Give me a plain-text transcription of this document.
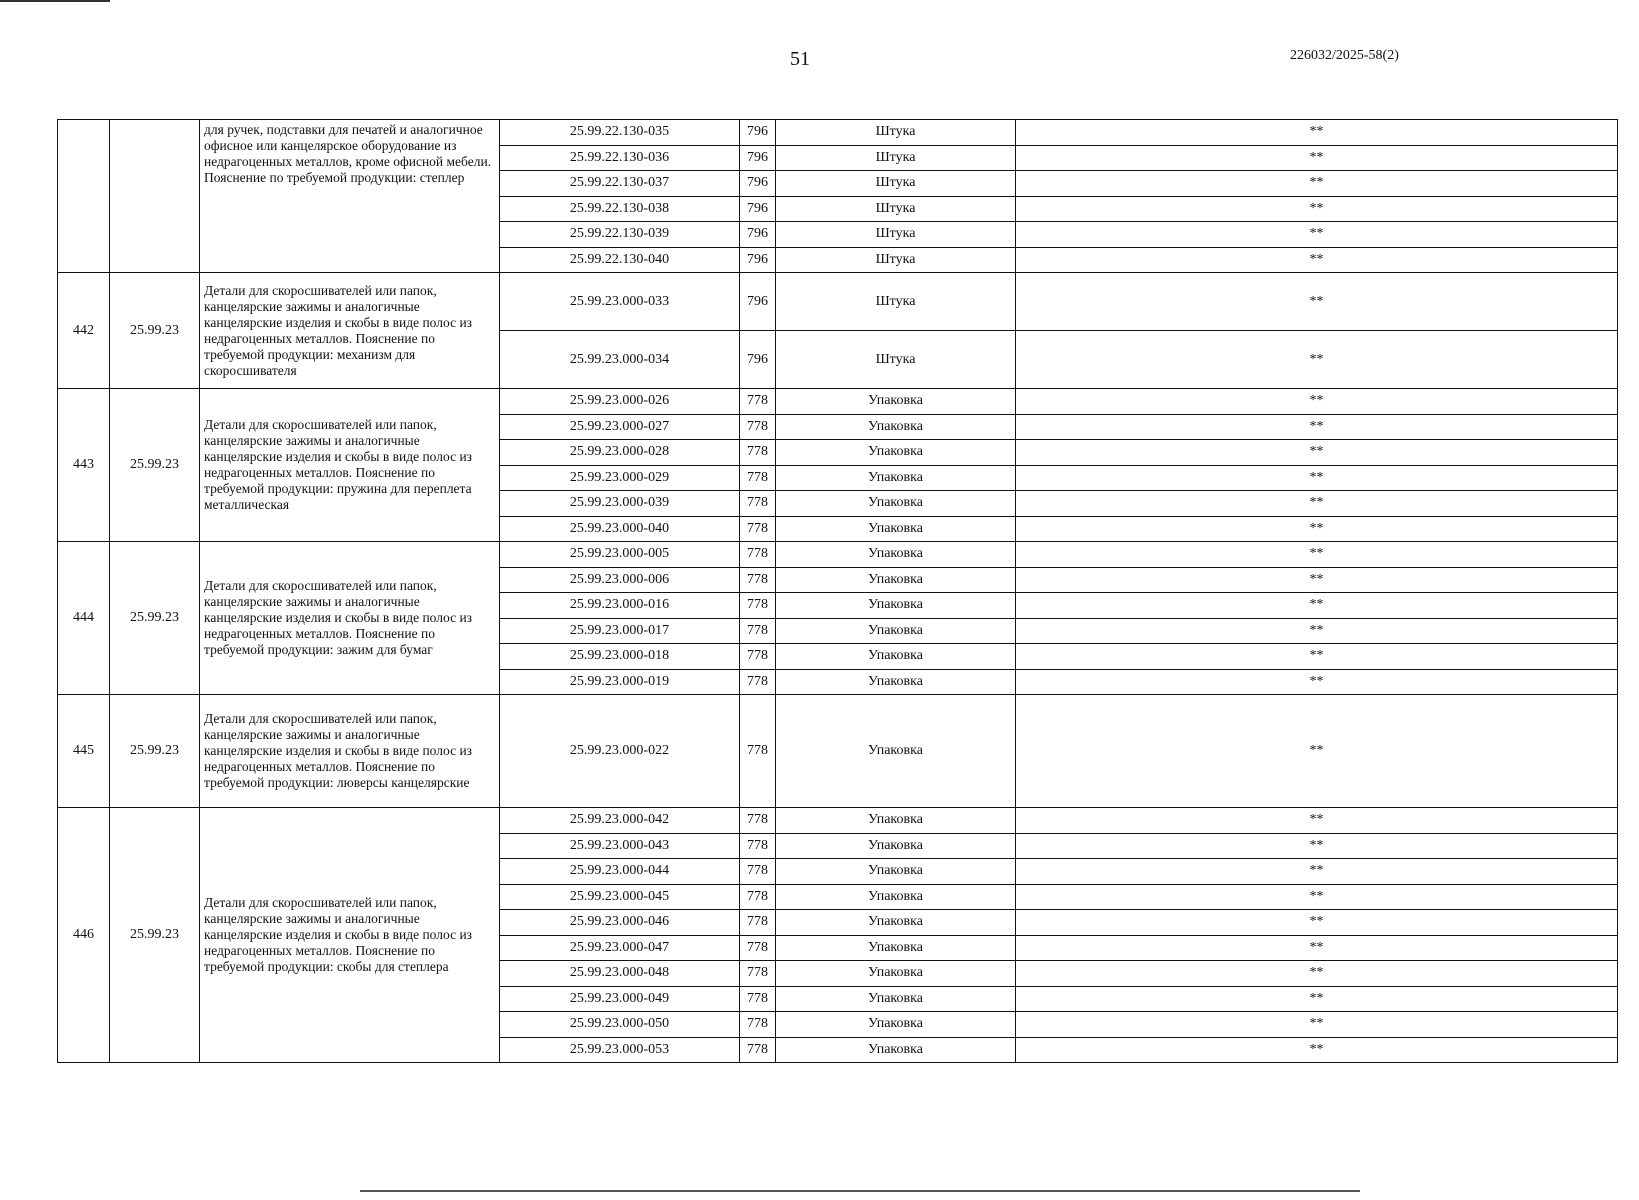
51	226032/2025-58(2)
		для ручек, подставки для печатей и аналогичное офисное или канцелярское оборудование из недрагоценных металлов, кроме офисной мебели. Пояснение по требуемой продукции: степлер	25.99.22.130-035	796	Штука	**
			25.99.22.130-036	796	Штука	**
			25.99.22.130-037	796	Штука	**
			25.99.22.130-038	796	Штука	**
			25.99.22.130-039	796	Штука	**
			25.99.22.130-040	796	Штука	**
442	25.99.23	Детали для скоросшивателей или папок, канцелярские зажимы и аналогичные канцелярские изделия и скобы в виде полос из недрагоценных металлов. Пояснение по требуемой продукции: механизм для скоросшивателя	25.99.23.000-033	796	Штука	**
			25.99.23.000-034	796	Штука	**
443	25.99.23	Детали для скоросшивателей или папок, канцелярские зажимы и аналогичные канцелярские изделия и скобы в виде полос из недрагоценных металлов. Пояснение по требуемой продукции: пружина для переплета металлическая	25.99.23.000-026	778	Упаковка	**
			25.99.23.000-027	778	Упаковка	**
			25.99.23.000-028	778	Упаковка	**
			25.99.23.000-029	778	Упаковка	**
			25.99.23.000-039	778	Упаковка	**
			25.99.23.000-040	778	Упаковка	**
444	25.99.23	Детали для скоросшивателей или папок, канцелярские зажимы и аналогичные канцелярские изделия и скобы в виде полос из недрагоценных металлов. Пояснение по требуемой продукции: зажим для бумаг	25.99.23.000-005	778	Упаковка	**
			25.99.23.000-006	778	Упаковка	**
			25.99.23.000-016	778	Упаковка	**
			25.99.23.000-017	778	Упаковка	**
			25.99.23.000-018	778	Упаковка	**
			25.99.23.000-019	778	Упаковка	**
445	25.99.23	Детали для скоросшивателей или папок, канцелярские зажимы и аналогичные канцелярские изделия и скобы в виде полос из недрагоценных металлов. Пояснение по требуемой продукции: люверсы канцелярские	25.99.23.000-022	778	Упаковка	**
446	25.99.23	Детали для скоросшивателей или папок, канцелярские зажимы и аналогичные канцелярские изделия и скобы в виде полос из недрагоценных металлов. Пояснение по требуемой продукции: скобы для степлера	25.99.23.000-042	778	Упаковка	**
			25.99.23.000-043	778	Упаковка	**
			25.99.23.000-044	778	Упаковка	**
			25.99.23.000-045	778	Упаковка	**
			25.99.23.000-046	778	Упаковка	**
			25.99.23.000-047	778	Упаковка	**
			25.99.23.000-048	778	Упаковка	**
			25.99.23.000-049	778	Упаковка	**
			25.99.23.000-050	778	Упаковка	**
			25.99.23.000-053	778	Упаковка	**
